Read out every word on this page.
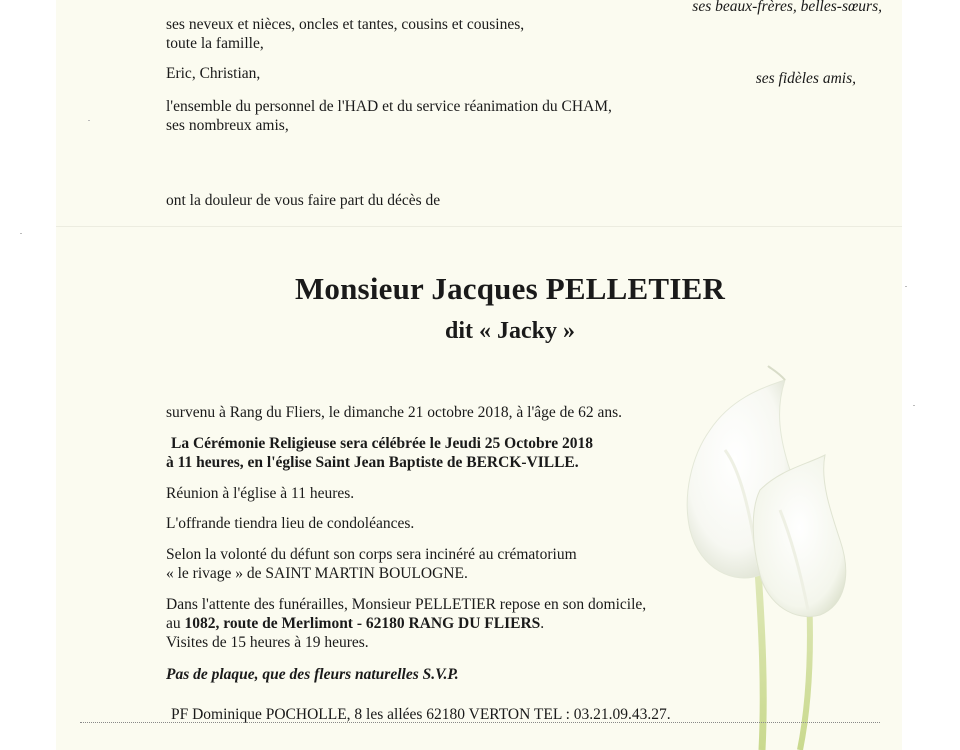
ses beaux-frères, belles-sœurs,
ses neveux et nièces, oncles et tantes, cousins et cousines,
toute la famille,
Eric, Christian,	ses fidèles amis,
l'ensemble du personnel de l'HAD et du service réanimation du CHAM,
ses nombreux amis,
ont la douleur de vous faire part du décès de
Monsieur Jacques PELLETIER
dit « Jacky »
survenu à Rang du Fliers, le dimanche 21 octobre 2018, à l'âge de 62 ans.
La Cérémonie Religieuse sera célébrée le Jeudi 25 Octobre 2018
à 11 heures, en l'église Saint Jean Baptiste de BERCK-VILLE.
Réunion à l'église à 11 heures.
L'offrande tiendra lieu de condoléances.
Selon la volonté du défunt son corps sera incinéré au crématorium
« le rivage » de SAINT MARTIN BOULOGNE.
Dans l'attente des funérailles, Monsieur PELLETIER repose en son domicile,
au 1082, route de Merlimont - 62180 RANG DU FLIERS.
Visites de 15 heures à 19 heures.
Pas de plaque, que des fleurs naturelles S.V.P.
PF Dominique POCHOLLE, 8 les allées 62180 VERTON TEL : 03.21.09.43.27.
